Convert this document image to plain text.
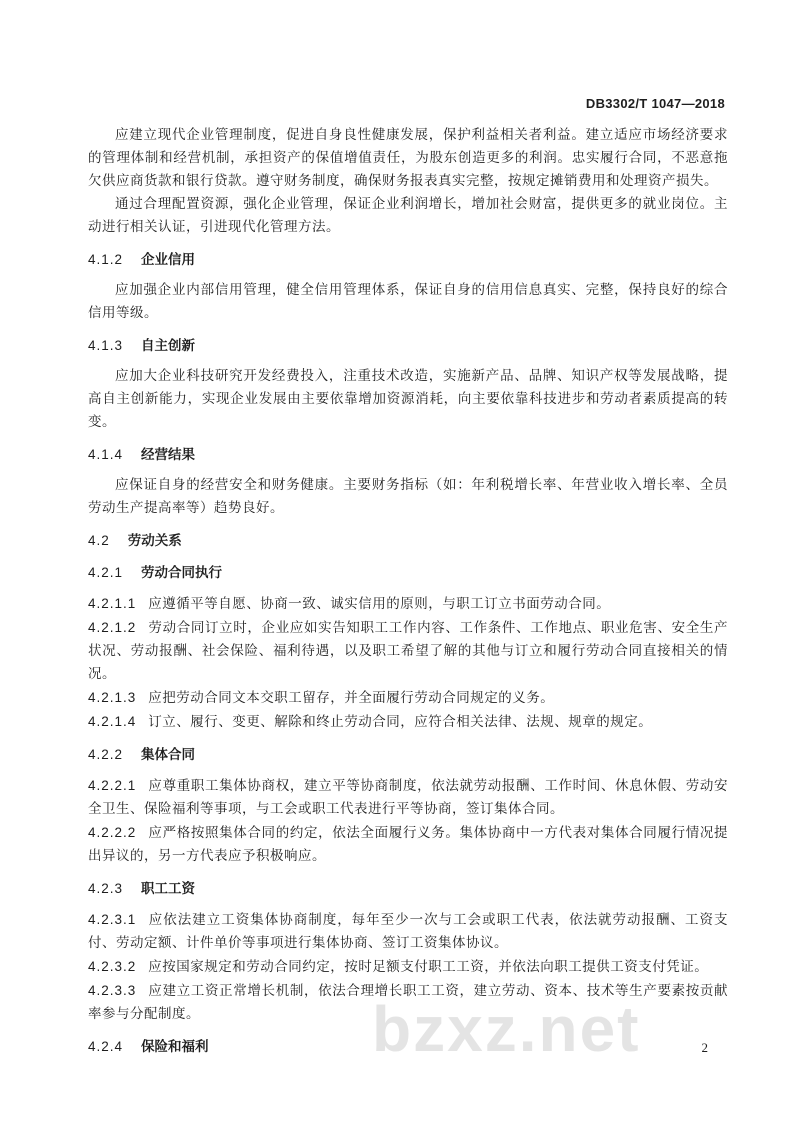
DB3302/T 1047—2018

应建立现代企业管理制度，促进自身良性健康发展，保护利益相关者利益。建立适应市场经济要求的管理体制和经营机制，承担资产的保值增值责任，为股东创造更多的利润。忠实履行合同，不恶意拖欠供应商货款和银行贷款。遵守财务制度，确保财务报表真实完整，按规定摊销费用和处理资产损失。

通过合理配置资源，强化企业管理，保证企业利润增长，增加社会财富，提供更多的就业岗位。主动进行相关认证，引进现代化管理方法。

4.1.2 企业信用

应加强企业内部信用管理，健全信用管理体系，保证自身的信用信息真实、完整，保持良好的综合信用等级。

4.1.3 自主创新

应加大企业科技研究开发经费投入，注重技术改造，实施新产品、品牌、知识产权等发展战略，提高自主创新能力，实现企业发展由主要依靠增加资源消耗，向主要依靠科技进步和劳动者素质提高的转变。

4.1.4 经营结果

应保证自身的经营安全和财务健康。主要财务指标（如：年利税增长率、年营业收入增长率、全员劳动生产提高率等）趋势良好。

4.2 劳动关系
4.2.1 劳动合同执行

4.2.1.1 应遵循平等自愿、协商一致、诚实信用的原则，与职工订立书面劳动合同。

4.2.1.2 劳动合同订立时，企业应如实告知职工工作内容、工作条件、工作地点、职业危害、安全生产状况、劳动报酬、社会保险、福利待遇，以及职工希望了解的其他与订立和履行劳动合同直接相关的情况。

4.2.1.3 应把劳动合同文本交职工留存，并全面履行劳动合同规定的义务。

4.2.1.4 订立、履行、变更、解除和终止劳动合同，应符合相关法律、法规、规章的规定。

4.2.2 集体合同

4.2.2.1 应尊重职工集体协商权，建立平等协商制度，依法就劳动报酬、工作时间、休息休假、劳动安全卫生、保险福利等事项，与工会或职工代表进行平等协商，签订集体合同。

4.2.2.2 应严格按照集体合同的约定，依法全面履行义务。集体协商中一方代表对集体合同履行情况提出异议的，另一方代表应予积极响应。

4.2.3 职工工资

4.2.3.1 应依法建立工资集体协商制度，每年至少一次与工会或职工代表，依法就劳动报酬、工资支付、劳动定额、计件单价等事项进行集体协商、签订工资集体协议。

4.2.3.2 应按国家规定和劳动合同约定，按时足额支付职工工资，并依法向职工提供工资支付凭证。

4.2.3.3 应建立工资正常增长机制，依法合理增长职工工资，建立劳动、资本、技术等生产要素按贡献率参与分配制度。

4.2.4 保险和福利	bzxz.net	2
